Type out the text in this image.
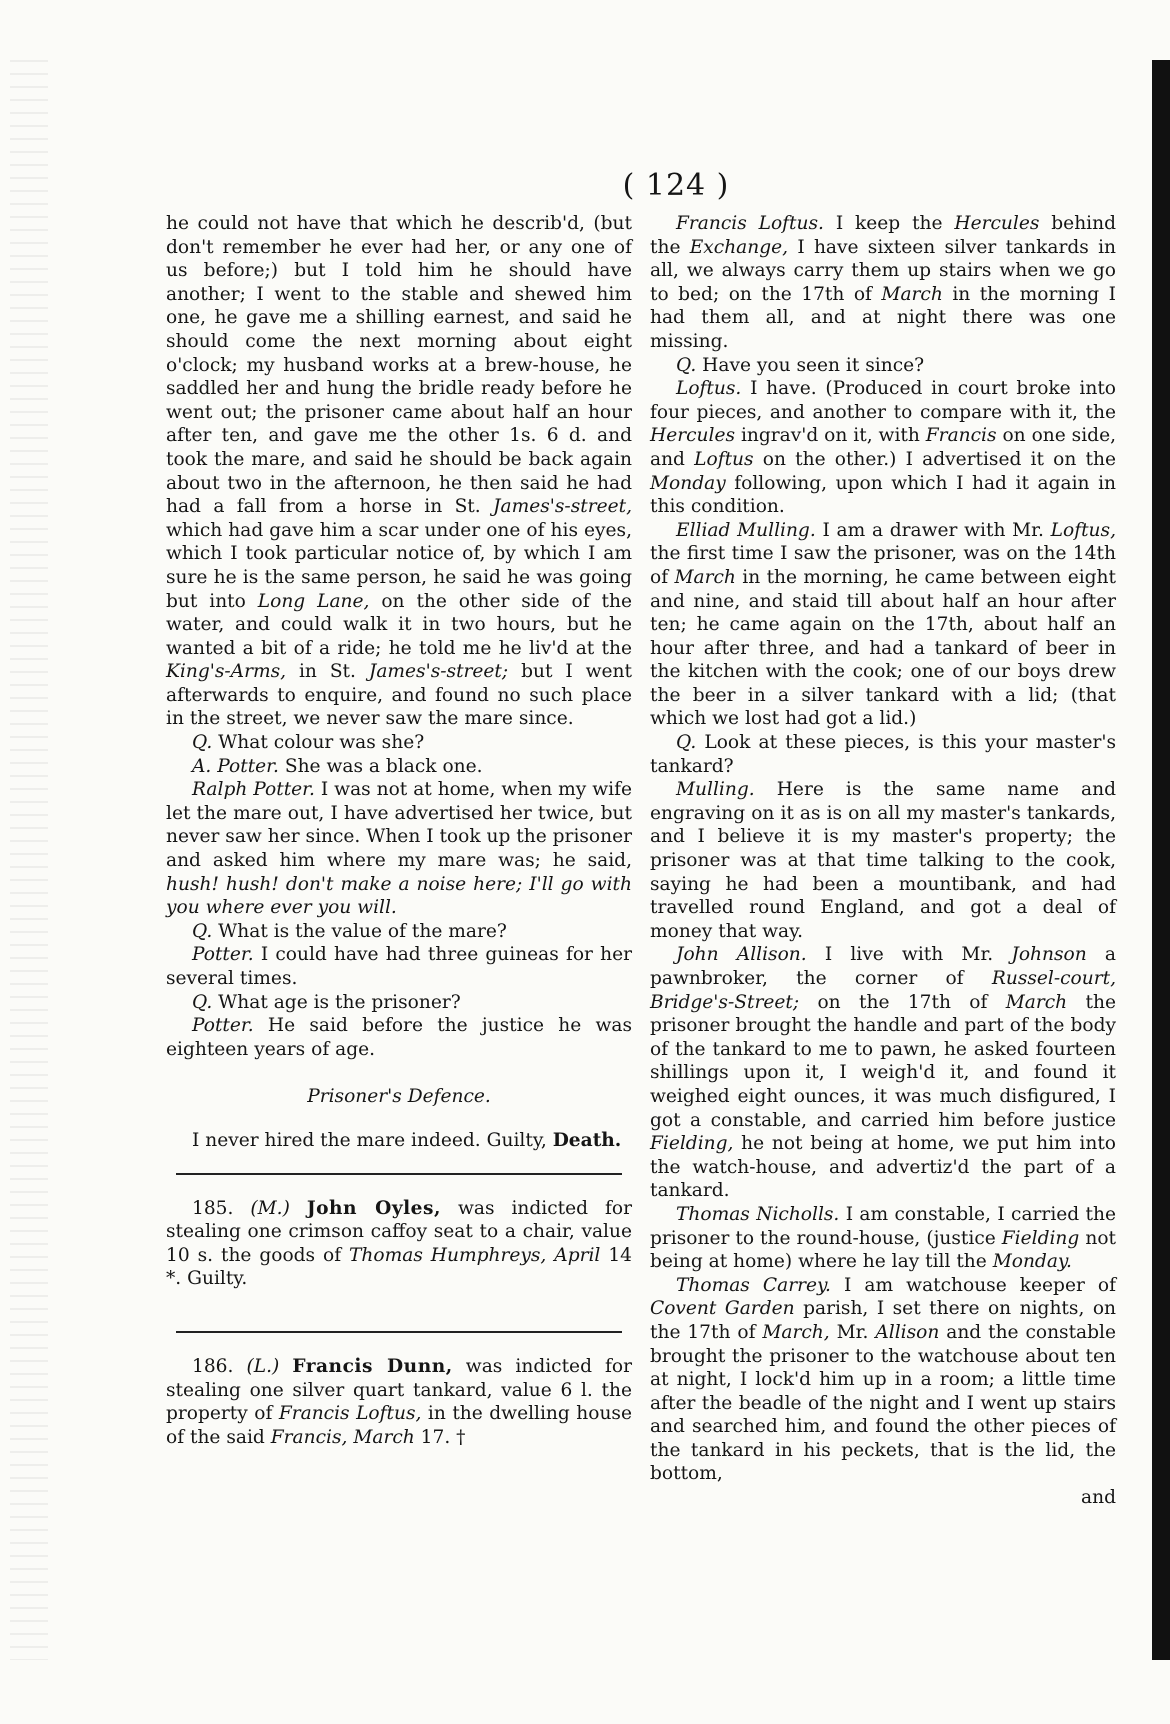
( 124 )

he could not have that which he describ'd, (but don't remember he ever had her, or any one of us before;) but I told him he should have another; I went to the stable and shewed him one, he gave me a shilling earnest, and said he should come the next morning about eight o'clock; my husband works at a brew-house, he saddled her and hung the bridle ready before he went out; the prisoner came about half an hour after ten, and gave me the other 1s. 6 d. and took the mare, and said he should be back again about two in the afternoon, he then said he had had a fall from a horse in St. James's-street, which had gave him a scar under one of his eyes, which I took particular notice of, by which I am sure he is the same person, he said he was going but into Long Lane, on the other side of the water, and could walk it in two hours, but he wanted a bit of a ride; he told me he liv'd at the King's-Arms, in St. James's-street; but I went afterwards to enquire, and found no such place in the street, we never saw the mare since.

Q. What colour was she?

A. Potter. She was a black one.

Ralph Potter. I was not at home, when my wife let the mare out, I have advertised her twice, but never saw her since. When I took up the prisoner and asked him where my mare was; he said, hush! hush! don't make a noise here; I'll go with you where ever you will.

Q. What is the value of the mare?

Potter. I could have had three guineas for her several times.

Q. What age is the prisoner?

Potter. He said before the justice he was eighteen years of age.

Prisoner's Defence.

I never hired the mare indeed. Guilty, Death.

185. (M.) John Oyles, was indicted for stealing one crimson caffoy seat to a chair, value 10 s. the goods of Thomas Humphreys, April 14 *. Guilty.

186. (L.) Francis Dunn, was indicted for stealing one silver quart tankard, value 6 l. the property of Francis Loftus, in the dwelling house of the said Francis, March 17. †

Francis Loftus. I keep the Hercules behind the Exchange, I have sixteen silver tankards in all, we always carry them up stairs when we go to bed; on the 17th of March in the morning I had them all, and at night there was one missing.

Q. Have you seen it since?

Loftus. I have. (Produced in court broke into four pieces, and another to compare with it, the Hercules ingrav'd on it, with Francis on one side, and Loftus on the other.) I advertised it on the Monday following, upon which I had it again in this condition.

Elliad Mulling. I am a drawer with Mr. Loftus, the first time I saw the prisoner, was on the 14th of March in the morning, he came between eight and nine, and staid till about half an hour after ten; he came again on the 17th, about half an hour after three, and had a tankard of beer in the kitchen with the cook; one of our boys drew the beer in a silver tankard with a lid; (that which we lost had got a lid.)

Q. Look at these pieces, is this your master's tankard?

Mulling. Here is the same name and engraving on it as is on all my master's tankards, and I believe it is my master's property; the prisoner was at that time talking to the cook, saying he had been a mountibank, and had travelled round England, and got a deal of money that way.

John Allison. I live with Mr. Johnson a pawnbroker, the corner of Russel-court, Bridge's-Street; on the 17th of March the prisoner brought the handle and part of the body of the tankard to me to pawn, he asked fourteen shillings upon it, I weigh'd it, and found it weighed eight ounces, it was much disfigured, I got a constable, and carried him before justice Fielding, he not being at home, we put him into the watch-house, and advertiz'd the part of a tankard.

Thomas Nicholls. I am constable, I carried the prisoner to the round-house, (justice Fielding not being at home) where he lay till the Monday.

Thomas Carrey. I am watchouse keeper of Covent Garden parish, I set there on nights, on the 17th of March, Mr. Allison and the constable brought the prisoner to the watchouse about ten at night, I lock'd him up in a room; a little time after the beadle of the night and I went up stairs and searched him, and found the other pieces of the tankard in his peckets, that is the lid, the bottom,

and
